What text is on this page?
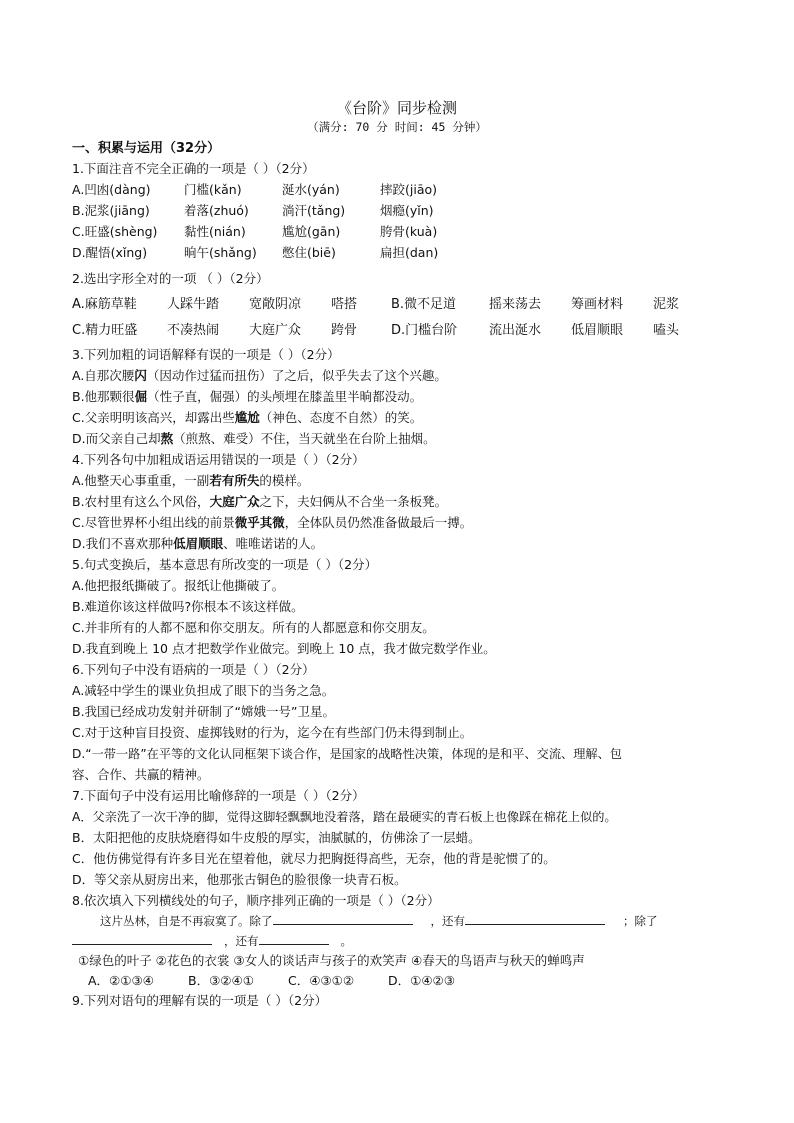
《台阶》同步检测
（满分: 70 分 时间: 45 分钟）
一、积累与运用（32分）
1.下面注音不完全正确的一项是（ ）（2分）
A.凹凼(dàng)	门槛(kǎn)	涎水(yán)	摔跤(jiāo)
B.泥浆(jiāng)	着落(zhuó)	淌汗(tǎng)	烟瘾(yǐn)
C.旺盛(shèng) 黏性(nián)	尴尬(gān)	胯骨(kuà)
D.醒悟(xǐng)	晌午(shǎng) 憋住(biē)	扁担(dan)
2.选出字形全对的一项 （ ）（2分）
A.麻筋草鞋 人踩牛踏 宽敞阴凉 嗒搭	B.微不足道	摇来荡去 筹画材料 泥浆
C.精力旺盛 不凑热闹 大庭广众 跨骨	D.门槛台阶 流出涎水 低眉顺眼 嗑头
3.下列加粗的词语解释有误的一项是（ ）（2分）
A.自那次腰闪（因动作过猛而扭伤）了之后，似乎失去了这个兴趣。
B.他那颗很倔（性子直，倔强）的头颅埋在膝盖里半晌都没动。
C.父亲明明该高兴，却露出些尴尬（神色、态度不自然）的笑。
D.而父亲自己却熬（煎熬、难受）不住，当天就坐在台阶上抽烟。
4.下列各句中加粗成语运用错误的一项是（ ）（2分）
A.他整天心事重重，一副若有所失的模样。
B.农村里有这么个风俗，大庭广众之下，夫妇俩从不合坐一条板凳。
C.尽管世界杯小组出线的前景微乎其微，全体队员仍然准备做最后一搏。
D.我们不喜欢那种低眉顺眼、唯唯诺诺的人。
5.句式变换后，基本意思有所改变的一项是（ ）（2分）
A.他把报纸撕破了。报纸让他撕破了。
B.难道你该这样做吗?你根本不该这样做。
C.并非所有的人都不愿和你交朋友。所有的人都愿意和你交朋友。
D.我直到晚上 10 点才把数学作业做完。到晚上 10 点，我才做完数学作业。
6.下列句子中没有语病的一项是（ ）（2分）
A.减轻中学生的课业负担成了眼下的当务之急。
B.我国已经成功发射并研制了“嫦娥一号”卫星。
C.对于这种盲目投资、虚掷钱财的行为，迄今在有些部门仍未得到制止。
D.“一带一路”在平等的文化认同框架下谈合作，是国家的战略性决策，体现的是和平、交流、理解、包
容、合作、共赢的精神。
7.下面句子中没有运用比喻修辞的一项是（ ）（2分）
A．父亲洗了一次干净的脚，觉得这脚轻飘飘地没着落，踏在最硬实的青石板上也像踩在棉花上似的。
B．太阳把他的皮肤烧磨得如牛皮般的厚实，油腻腻的，仿佛涂了一层蜡。
C．他仿佛觉得有许多目光在望着他，就尽力把胸挺得高些，无奈，他的背是驼惯了的。
D．等父亲从厨房出来，他那张古铜色的脸很像一块青石板。
8.依次填入下列横线处的句子，顺序排列正确的一项是（ ）（2分）
这片丛林，自是不再寂寞了。除了	，还有	；除了
，还有	。
①绿色的叶子 ②花色的衣裳 ③女人的谈话声与孩子的欢笑声 ④春天的鸟语声与秋天的蝉鸣声
A．②①③④	B．③②④①	C．④③①②	D．①④②③
9.下列对语句的理解有误的一项是（ ）（2分）
